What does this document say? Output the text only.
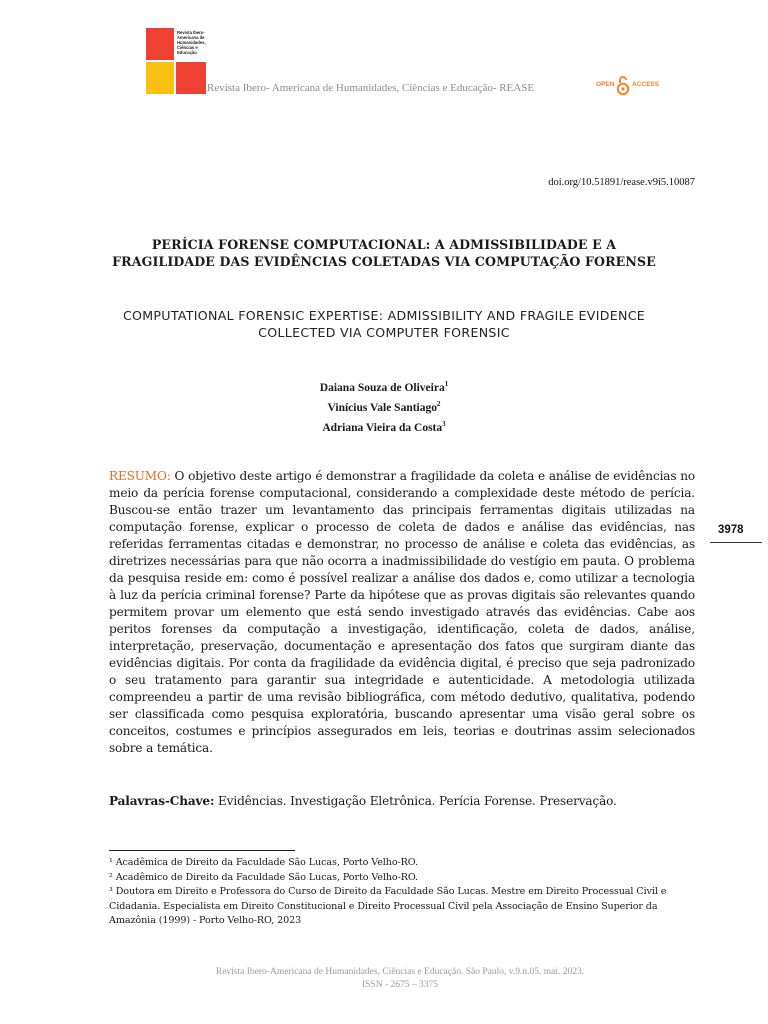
Revista Ibero-Americana de Humanidades, Ciências e Educação
Revista Ibero- Americana de Humanidades, Ciências e Educação- REASE	OPEN	ACCESS
doi.org/10.51891/rease.v9i5.10087
PERÍCIA FORENSE COMPUTACIONAL: A ADMISSIBILIDADE E A FRAGILIDADE DAS EVIDÊNCIAS COLETADAS VIA COMPUTAÇÃO FORENSE
COMPUTATIONAL FORENSIC EXPERTISE: ADMISSIBILITY AND FRAGILE EVIDENCE COLLECTED VIA COMPUTER FORENSIC
Daiana Souza de Oliveira$^1$
Vinícius Vale Santiago$^2$
Adriana Vieira da Costa$^3$
3978

RESUMO: O objetivo deste artigo é demonstrar a fragilidade da coleta e análise de evidências no meio da perícia forense computacional, considerando a complexidade deste método de perícia. Buscou-se então trazer um levantamento das principais ferramentas digitais utilizadas na computação forense, explicar o processo de coleta de dados e análise das evidências, nas referidas ferramentas citadas e demonstrar, no processo de análise e coleta das evidências, as diretrizes necessárias para que não ocorra a inadmissibilidade do vestígio em pauta. O problema da pesquisa reside em: como é possível realizar a análise dos dados e, como utilizar a tecnologia à luz da perícia criminal forense? Parte da hipótese que as provas digitais são relevantes quando permitem provar um elemento que está sendo investigado através das evidências. Cabe aos peritos forenses da computação a investigação, identificação, coleta de dados, análise, interpretação, preservação, documentação e apresentação dos fatos que surgiram diante das evidências digitais. Por conta da fragilidade da evidência digital, é preciso que seja padronizado o seu tratamento para garantir sua integridade e autenticidade. A metodologia utilizada compreendeu a partir de uma revisão bibliográfica, com método dedutivo, qualitativa, podendo ser classificada como pesquisa exploratória, buscando apresentar uma visão geral sobre os conceitos, costumes e princípios assegurados em leis, teorias e doutrinas assim selecionados sobre a temática.

Palavras-Chave: Evidências. Investigação Eletrônica. Perícia Forense. Preservação.

¹ Acadêmica de Direito da Faculdade São Lucas, Porto Velho-RO.

² Acadêmico de Direito da Faculdade São Lucas, Porto Velho-RO.

³ Doutora em Direito e Professora do Curso de Direito da Faculdade São Lucas. Mestre em Direito Processual Civil e Cidadania. Especialista em Direito Constitucional e Direito Processual Civil pela Associação de Ensino Superior da Amazônia (1999) - Porto Velho-RO, 2023

Revista Ibero-Americana de Humanidades, Ciências e Educação. São Paulo, v.9.n.05. mai. 2023.
ISSN - 2675 – 3375
